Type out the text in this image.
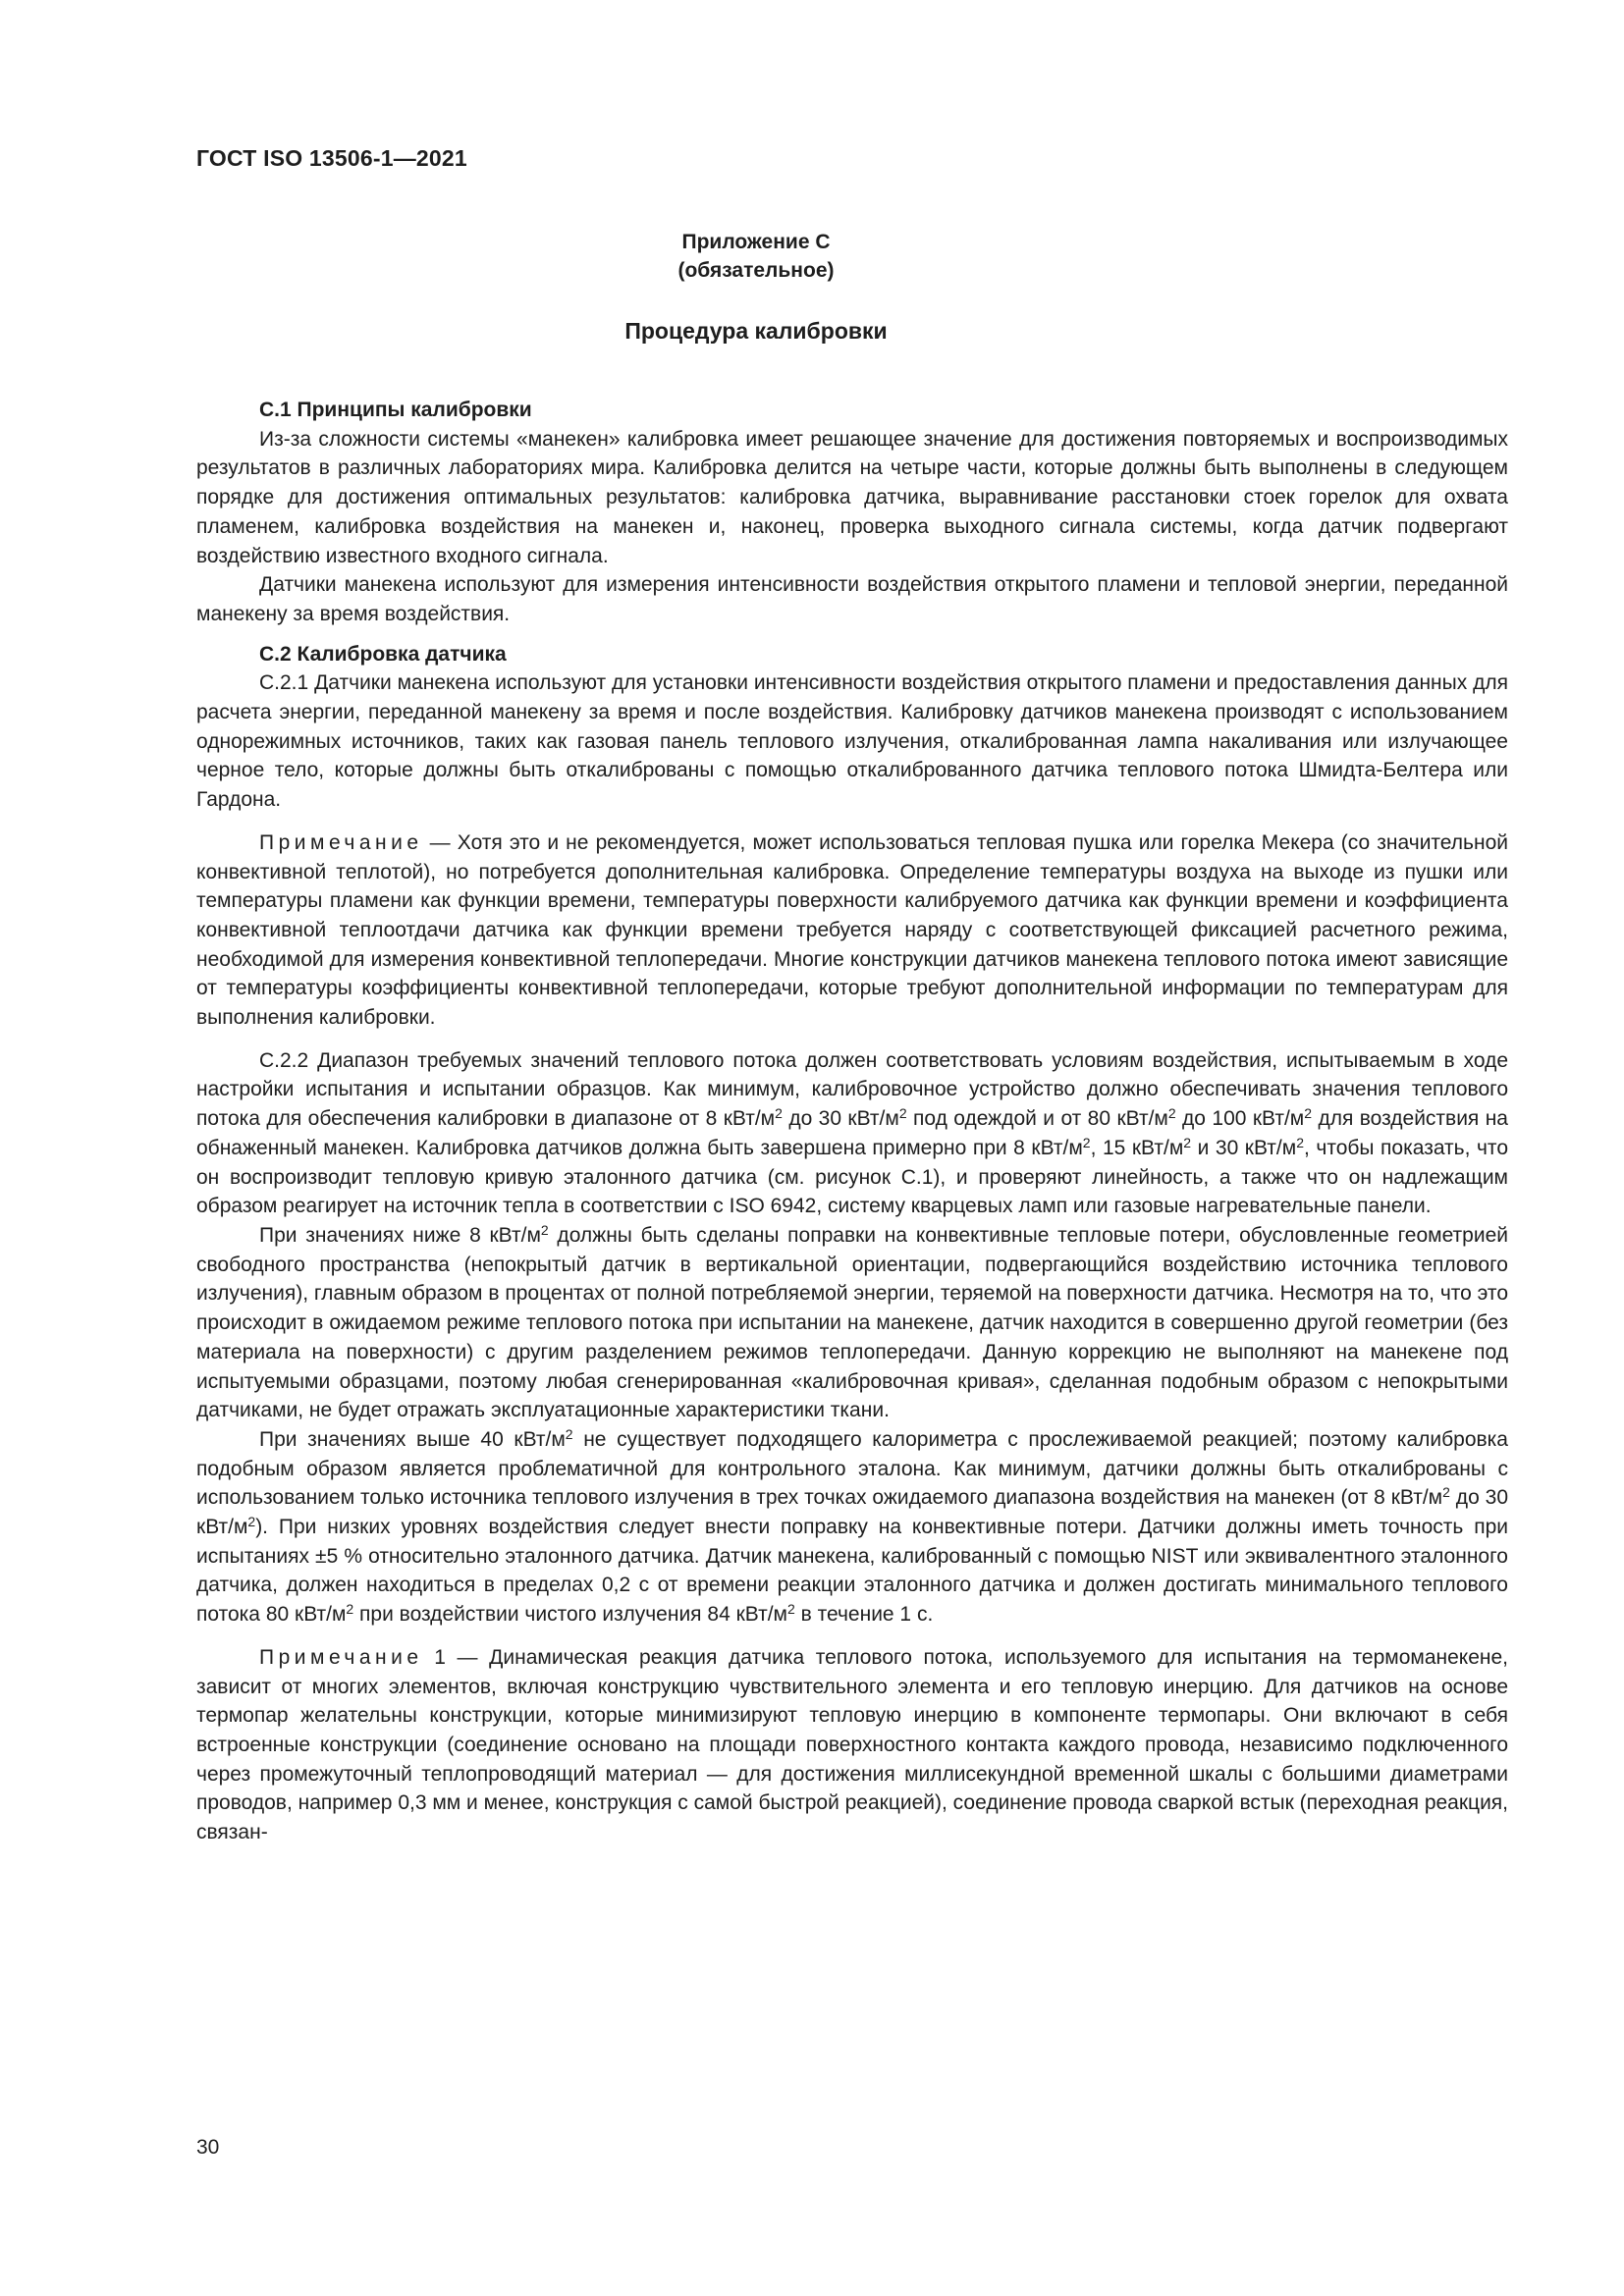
ГОСТ ISO 13506-1—2021
Приложение С
(обязательное)
Процедура калибровки
С.1 Принципы калибровки

Из-за сложности системы «манекен» калибровка имеет решающее значение для достижения повторяемых и воспроизводимых результатов в различных лабораториях мира. Калибровка делится на четыре части, которые должны быть выполнены в следующем порядке для достижения оптимальных результатов: калибровка датчика, выравнивание расстановки стоек горелок для охвата пламенем, калибровка воздействия на манекен и, наконец, проверка выходного сигнала системы, когда датчик подвергают воздействию известного входного сигнала.

Датчики манекена используют для измерения интенсивности воздействия открытого пламени и тепловой энергии, переданной манекену за время воздействия.

С.2 Калибровка датчика

С.2.1 Датчики манекена используют для установки интенсивности воздействия открытого пламени и предоставления данных для расчета энергии, переданной манекену за время и после воздействия. Калибровку датчиков манекена производят с использованием однорежимных источников, таких как газовая панель теплового излучения, откалиброванная лампа накаливания или излучающее черное тело, которые должны быть откалиброваны с помощью откалиброванного датчика теплового потока Шмидта-Белтера или Гардона.

Примечание — Хотя это и не рекомендуется, может использоваться тепловая пушка или горелка Мекера (со значительной конвективной теплотой), но потребуется дополнительная калибровка. Определение температуры воздуха на выходе из пушки или температуры пламени как функции времени, температуры поверхности калибруемого датчика как функции времени и коэффициента конвективной теплоотдачи датчика как функции времени требуется наряду с соответствующей фиксацией расчетного режима, необходимой для измерения конвективной теплопередачи. Многие конструкции датчиков манекена теплового потока имеют зависящие от температуры коэффициенты конвективной теплопередачи, которые требуют дополнительной информации по температурам для выполнения калибровки.

С.2.2 Диапазон требуемых значений теплового потока должен соответствовать условиям воздействия, испытываемым в ходе настройки испытания и испытании образцов. Как минимум, калибровочное устройство должно обеспечивать значения теплового потока для обеспечения калибровки в диапазоне от 8 кВт/$м^2$ до 30 кВт/$м^2$ под одеждой и от 80 кВт/$м^2$ до 100 кВт/$м^2$ для воздействия на обнаженный манекен. Калибровка датчиков должна быть завершена примерно при 8 кВт/$м^2$, 15 кВт/$м^2$ и 30 кВт/$м^2$, чтобы показать, что он воспроизводит тепловую кривую эталонного датчика (см. рисунок С.1), и проверяют линейность, а также что он надлежащим образом реагирует на источник тепла в соответствии с ISO 6942, систему кварцевых ламп или газовые нагревательные панели.

При значениях ниже 8 кВт/$м^2$ должны быть сделаны поправки на конвективные тепловые потери, обусловленные геометрией свободного пространства (непокрытый датчик в вертикальной ориентации, подвергающийся воздействию источника теплового излучения), главным образом в процентах от полной потребляемой энергии, теряемой на поверхности датчика. Несмотря на то, что это происходит в ожидаемом режиме теплового потока при испытании на манекене, датчик находится в совершенно другой геометрии (без материала на поверхности) с другим разделением режимов теплопередачи. Данную коррекцию не выполняют на манекене под испытуемыми образцами, поэтому любая сгенерированная «калибровочная кривая», сделанная подобным образом с непокрытыми датчиками, не будет отражать эксплуатационные характеристики ткани.

При значениях выше 40 кВт/$м^2$ не существует подходящего калориметра с прослеживаемой реакцией; поэтому калибровка подобным образом является проблематичной для контрольного эталона. Как минимум, датчики должны быть откалиброваны с использованием только источника теплового излучения в трех точках ожидаемого диапазона воздействия на манекен (от 8 кВт/$м^2$ до 30 кВт/$м^2$). При низких уровнях воздействия следует внести поправку на конвективные потери. Датчики должны иметь точность при испытаниях ±5 % относительно эталонного датчика. Датчик манекена, калиброванный с помощью NIST или эквивалентного эталонного датчика, должен находиться в пределах 0,2 с от времени реакции эталонного датчика и должен достигать минимального теплового потока 80 кВт/$м^2$ при воздействии чистого излучения 84 кВт/$м^2$ в течение 1 с.

Примечание 1 — Динамическая реакция датчика теплового потока, используемого для испытания на термоманекене, зависит от многих элементов, включая конструкцию чувствительного элемента и его тепловую инерцию. Для датчиков на основе термопар желательны конструкции, которые минимизируют тепловую инерцию в компоненте термопары. Они включают в себя встроенные конструкции (соединение основано на площади поверхностного контакта каждого провода, независимо подключенного через промежуточный теплопроводящий материал — для достижения миллисекундной временной шкалы с большими диаметрами проводов, например 0,3 мм и менее, конструкция с самой быстрой реакцией), соединение провода сваркой встык (переходная реакция, связан-

30
